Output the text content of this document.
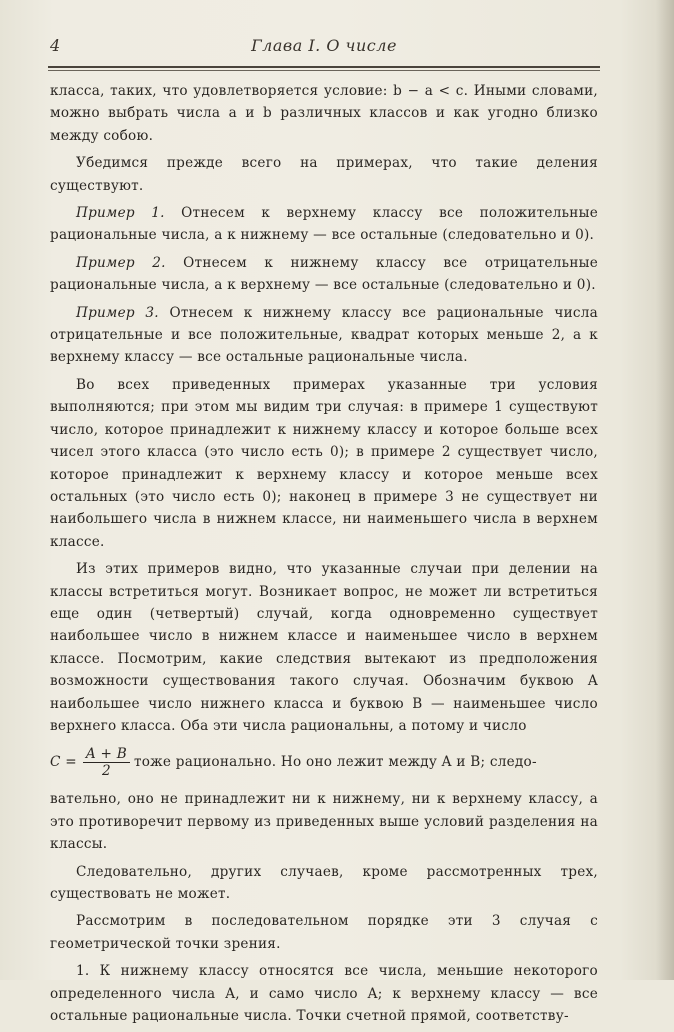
4	Глава I. О числе

класса, таких, что удовлетворяется условие: b − a < c. Иными словами, можно выбрать числа a и b различных классов и как угодно близко между собою.

Убедимся прежде всего на примерах, что такие деления существуют.

Пример 1. Отнесем к верхнему классу все положительные рациональные числа, а к нижнему — все остальные (следовательно и 0).

Пример 2. Отнесем к нижнему классу все отрицательные рациональные числа, а к верхнему — все остальные (следовательно и 0).

Пример 3. Отнесем к нижнему классу все рациональные числа отрицательные и все положительные, квадрат которых меньше 2, а к верхнему классу — все остальные рациональные числа.

Во всех приведенных примерах указанные три условия выполняются; при этом мы видим три случая: в примере 1 существуют число, которое принадлежит к нижнему классу и которое больше всех чисел этого класса (это число есть 0); в примере 2 существует число, которое принадлежит к верхнему классу и которое меньше всех остальных (это число есть 0); наконец в примере 3 не существует ни наибольшего числа в нижнем классе, ни наименьшего числа в верхнем классе.

Из этих примеров видно, что указанные случаи при делении на классы встретиться могут. Возникает вопрос, не может ли встретиться еще один (четвертый) случай, когда одновременно существует наибольшее число в нижнем классе и наименьшее число в верхнем классе. Посмотрим, какие следствия вытекают из предположения возможности существования такого случая. Обозначим буквою A наибольшее число нижнего класса и буквою B — наименьшее число верхнего класса. Оба эти числа рациональны, а потому и число

$C = \frac{A + B}{2}$ тоже рационально. Но оно лежит между A и B; следо-

вательно, оно не принадлежит ни к нижнему, ни к верхнему классу, а это противоречит первому из приведенных выше условий разделения на классы.

Следовательно, других случаев, кроме рассмотренных трех, существовать не может.

Рассмотрим в последовательном порядке эти 3 случая с геометрической точки зрения.

1. К нижнему классу относятся все числа, меньшие некоторого определенного числа A, и само число A; к верхнему классу — все остальные рациональные числа. Точки счетной прямой, соответству-
